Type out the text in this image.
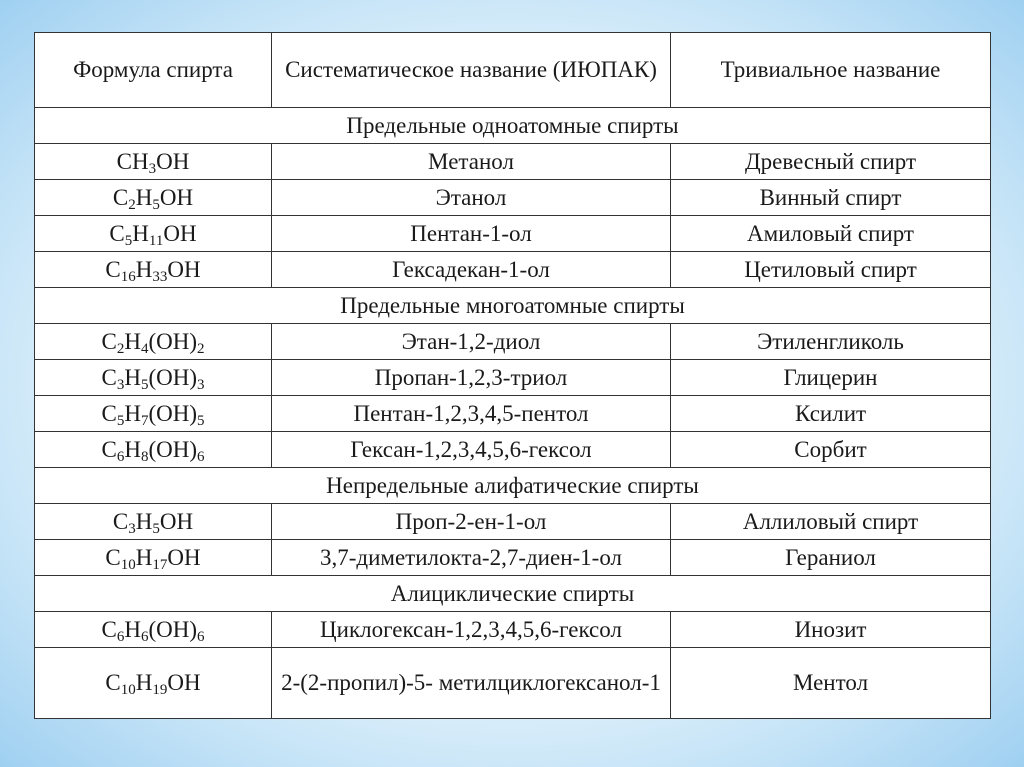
Формула спирта	Систематическое название (ИЮПАК)	Тривиальное название
Предельные одноатомные спирты		
$CH_3OH$	Метанол	Древесный спирт
$C_2H_5OH$	Этанол	Винный спирт
$C_5H_{11}OH$	Пентан-1-ол	Амиловый спирт
$C_{16}H_{33}OH$	Гексадекан-1-ол	Цетиловый спирт
Предельные многоатомные спирты		
$C_2H_4(OH)_2$	Этан-1,2-диол	Этиленгликоль
$C_3H_5(OH)_3$	Пропан-1,2,3-триол	Глицерин
$C_5H_7(OH)_5$	Пентан-1,2,3,4,5-пентол	Ксилит
$C_6H_8(OH)_6$	Гексан-1,2,3,4,5,6-гексол	Сорбит
Непредельные алифатические спирты		
$C_3H_5OH$	Проп-2-ен-1-ол	Аллиловый спирт
$C_{10}H_{17}OH$	3,7-диметилокта-2,7-диен-1-ол	Гераниол
Алициклические спирты		
$C_6H_6(OH)_6$	Циклогексан-1,2,3,4,5,6-гексол	Инозит
$C_{10}H_{19}OH$	2-(2-пропил)-5- метилциклогексанол-1	Ментол
